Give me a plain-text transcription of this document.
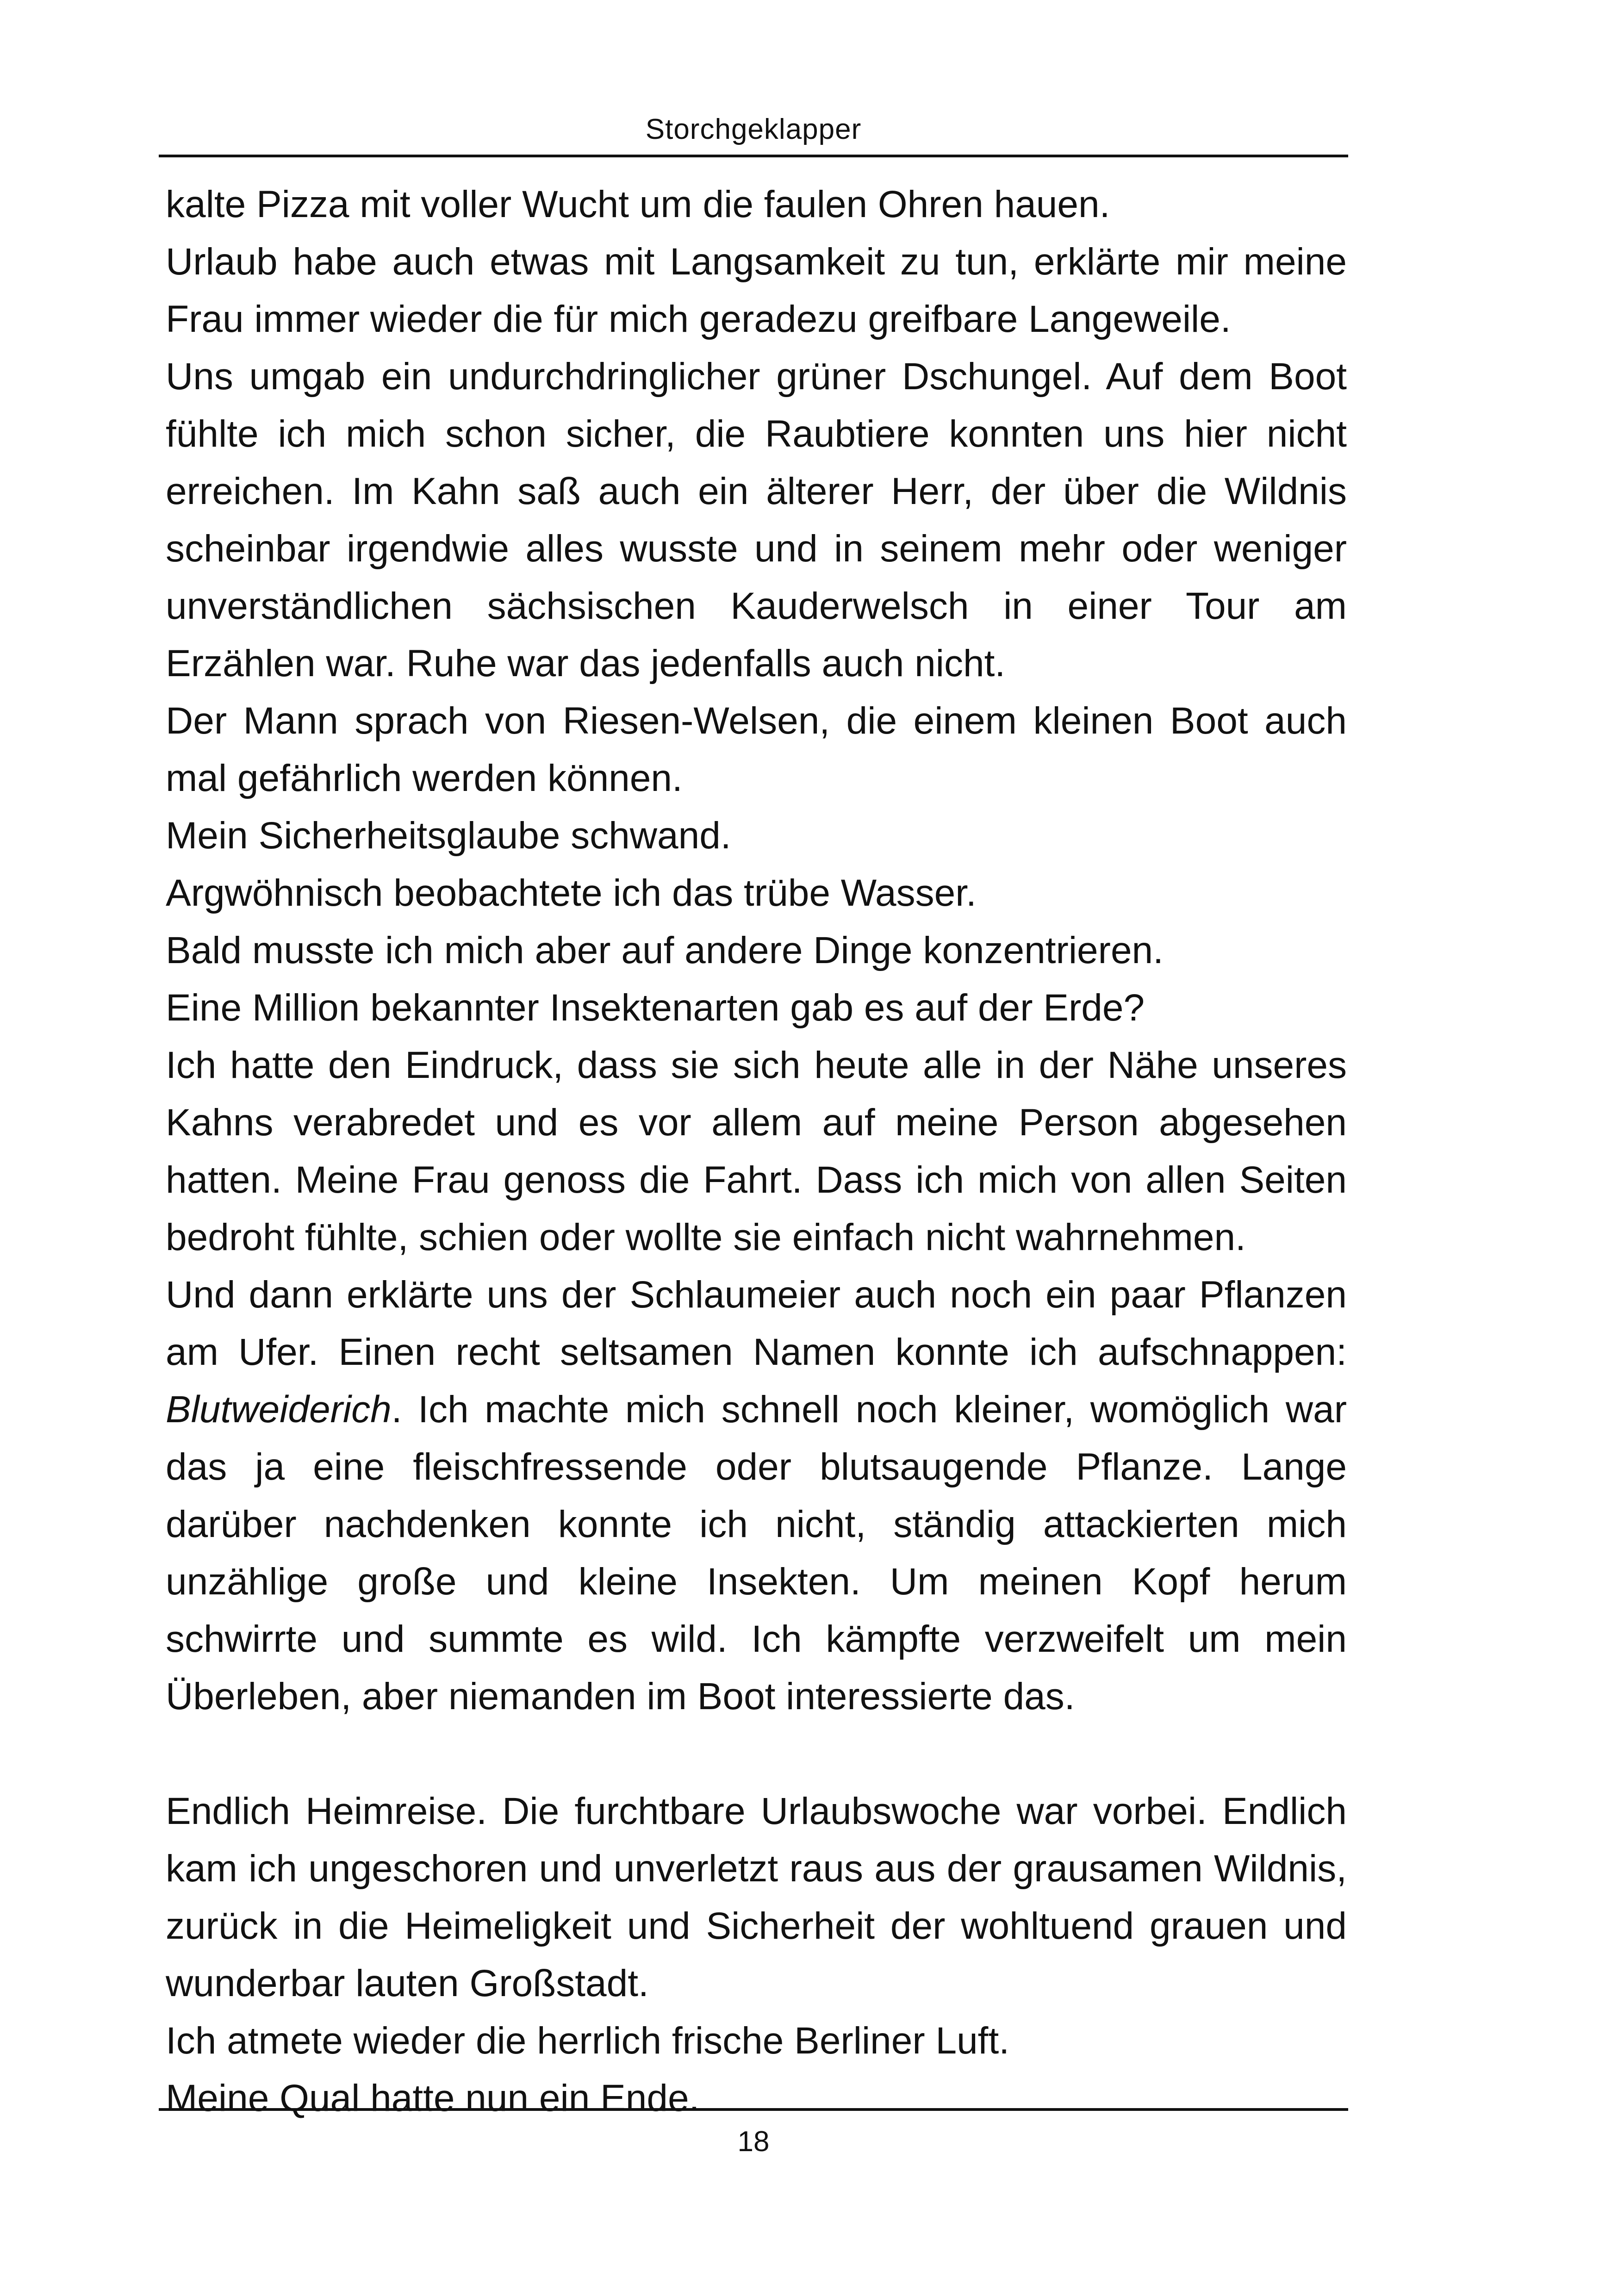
Storchgeklapper

kalte Pizza mit voller Wucht um die faulen Ohren hauen.

Urlaub habe auch etwas mit Langsamkeit zu tun, erklärte mir meine Frau immer wieder die für mich geradezu greifbare Langeweile.

Uns umgab ein undurchdringlicher grüner Dschungel. Auf dem Boot fühlte ich mich schon sicher, die Raubtiere konnten uns hier nicht erreichen. Im Kahn saß auch ein älterer Herr, der über die Wildnis scheinbar irgendwie alles wusste und in seinem mehr oder weniger unverständlichen sächsischen Kauderwelsch in einer Tour am Erzählen war. Ruhe war das jedenfalls auch nicht.

Der Mann sprach von Riesen-Welsen, die einem kleinen Boot auch mal gefährlich werden können.

Mein Sicherheitsglaube schwand.

Argwöhnisch beobachtete ich das trübe Wasser.

Bald musste ich mich aber auf andere Dinge konzentrieren.

Eine Million bekannter Insektenarten gab es auf der Erde?

Ich hatte den Eindruck, dass sie sich heute alle in der Nähe unseres Kahns verabredet und es vor allem auf meine Person abgesehen hatten. Meine Frau genoss die Fahrt. Dass ich mich von allen Seiten bedroht fühlte, schien oder wollte sie einfach nicht wahrnehmen.

Und dann erklärte uns der Schlaumeier auch noch ein paar Pflanzen am Ufer. Einen recht seltsamen Namen konnte ich aufschnappen: Blutweiderich. Ich machte mich schnell noch kleiner, womöglich war das ja eine fleischfressende oder blutsaugende Pflanze. Lange darüber nachdenken konnte ich nicht, ständig attackierten mich unzählige große und kleine Insekten. Um meinen Kopf herum schwirrte und summte es wild. Ich kämpfte verzweifelt um mein Überleben, aber niemanden im Boot interessierte das.

Endlich Heimreise. Die furchtbare Urlaubswoche war vorbei. Endlich kam ich ungeschoren und unverletzt raus aus der grausamen Wildnis, zurück in die Heimeligkeit und Sicherheit der wohltuend grauen und wunderbar lauten Großstadt.

Ich atmete wieder die herrlich frische Berliner Luft.

Meine Qual hatte nun ein Ende.

18
